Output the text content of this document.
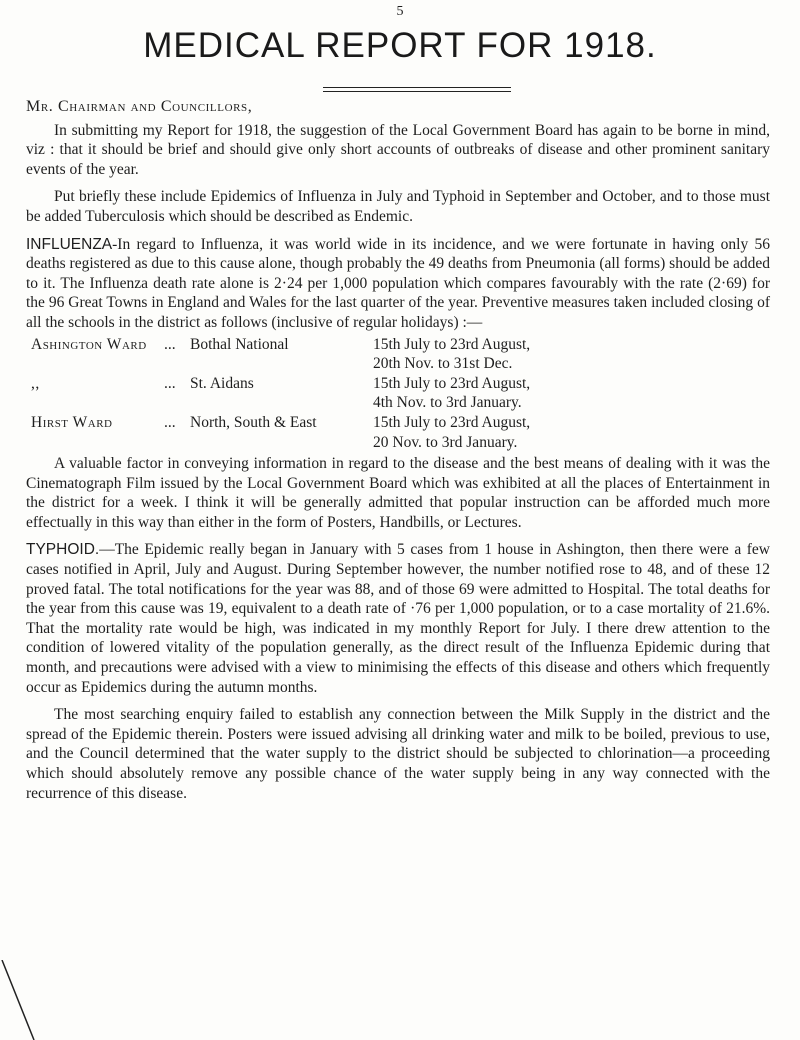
5
MEDICAL REPORT FOR 1918.
Mr. Chairman and Councillors,

In submitting my Report for 1918, the suggestion of the Local Government Board has again to be borne in mind, viz : that it should be brief and should give only short accounts of outbreaks of disease and other prominent sanitary events of the year.

Put briefly these include Epidemics of Influenza in July and Typhoid in September and October, and to those must be added Tuberculosis which should be described as Endemic.

INFLUENZA-In regard to Influenza, it was world wide in its incidence, and we were fortunate in having only 56 deaths registered as due to this cause alone, though probably the 49 deaths from Pneumonia (all forms) should be added to it. The Influenza death rate alone is 2·24 per 1,000 population which compares favourably with the rate (2·69) for the 96 Great Towns in England and Wales for the last quarter of the year. Preventive measures taken included closing of all the schools in the district as follows (inclusive of regular holidays) :—

Ashington Ward	... Bothal National	15th July to 23rd August,
20th Nov. to 31st Dec.
,,	... St. Aidans	15th July to 23rd August,
4th Nov. to 3rd January.
Hirst Ward	... North, South & East	15th July to 23rd August,
20 Nov. to 3rd January.

A valuable factor in conveying information in regard to the disease and the best means of dealing with it was the Cinematograph Film issued by the Local Government Board which was exhibited at all the places of Entertainment in the district for a week. I think it will be generally admitted that popular instruction can be afforded much more effectually in this way than either in the form of Posters, Handbills, or Lectures.

TYPHOID.—The Epidemic really began in January with 5 cases from 1 house in Ashington, then there were a few cases notified in April, July and August. During September however, the number notified rose to 48, and of these 12 proved fatal. The total notifications for the year was 88, and of those 69 were admitted to Hospital. The total deaths for the year from this cause was 19, equivalent to a death rate of ·76 per 1,000 population, or to a case mortality of 21.6%. That the mortality rate would be high, was indicated in my monthly Report for July. I there drew attention to the condition of lowered vitality of the population generally, as the direct result of the Influenza Epidemic during that month, and precautions were advised with a view to minimising the effects of this disease and others which frequently occur as Epidemics during the autumn months.

The most searching enquiry failed to establish any connection between the Milk Supply in the district and the spread of the Epidemic therein. Posters were issued advising all drinking water and milk to be boiled, previous to use, and the Council determined that the water supply to the district should be subjected to chlorination—a proceeding which should absolutely remove any possible chance of the water supply being in any way connected with the recurrence of this disease.
